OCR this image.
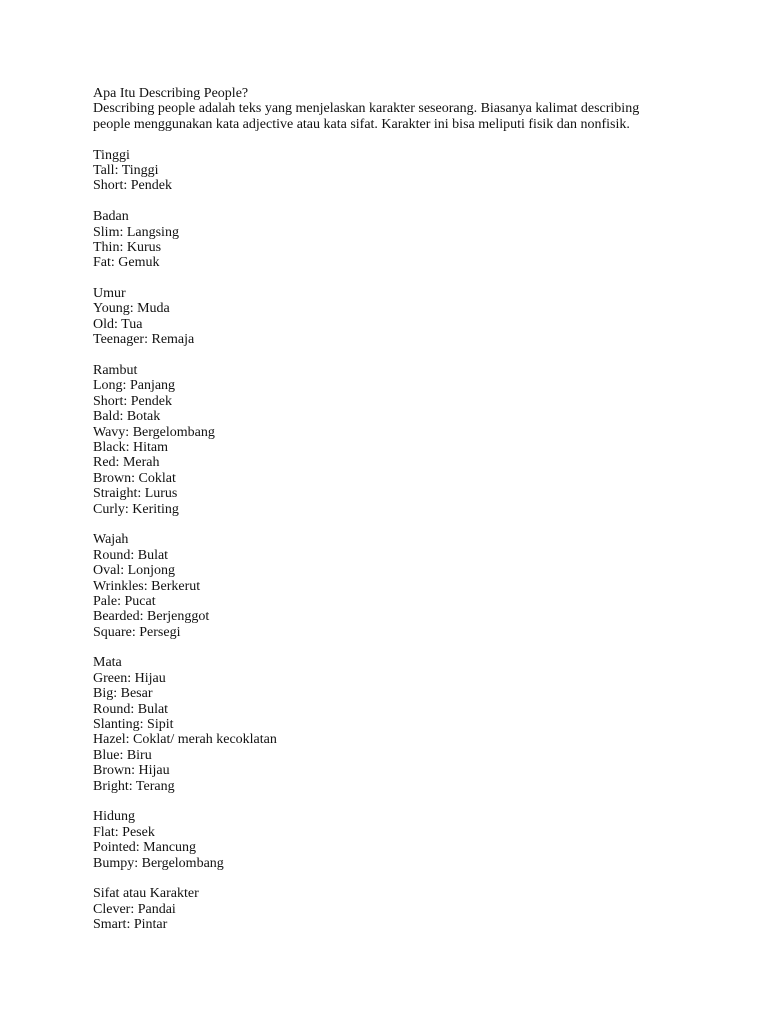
Apa Itu Describing People?
Describing people adalah teks yang menjelaskan karakter seseorang. Biasanya kalimat describing
people menggunakan kata adjective atau kata sifat. Karakter ini bisa meliputi fisik dan nonfisik.
Tinggi
Tall: Tinggi
Short: Pendek
Badan
Slim: Langsing
Thin: Kurus
Fat: Gemuk
Umur
Young: Muda
Old: Tua
Teenager: Remaja
Rambut
Long: Panjang
Short: Pendek
Bald: Botak
Wavy: Bergelombang
Black: Hitam
Red: Merah
Brown: Coklat
Straight: Lurus
Curly: Keriting
Wajah
Round: Bulat
Oval: Lonjong
Wrinkles: Berkerut
Pale: Pucat
Bearded: Berjenggot
Square: Persegi
Mata
Green: Hijau
Big: Besar
Round: Bulat
Slanting: Sipit
Hazel: Coklat/ merah kecoklatan
Blue: Biru
Brown: Hijau
Bright: Terang
Hidung
Flat: Pesek
Pointed: Mancung
Bumpy: Bergelombang
Sifat atau Karakter
Clever: Pandai
Smart: Pintar
